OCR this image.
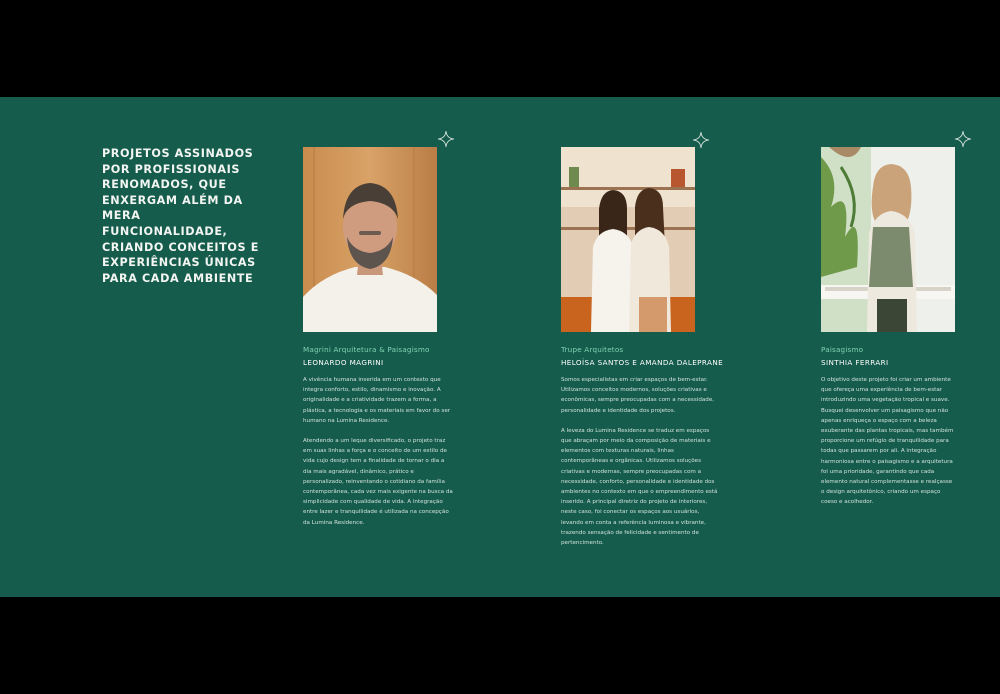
PROJETOS ASSINADOS POR PROFISSIONAIS RENOMADOS, QUE ENXERGAM ALÉM DA MERA FUNCIONALIDADE, CRIANDO CONCEITOS E EXPERIÊNCIAS ÚNICAS PARA CADA AMBIENTE
Magrini Arquitetura & Paisagismo
LEONARDO MAGRINI

A vivência humana inserida em um contexto que integra conforto, estilo, dinamismo e inovação. A originalidade e a criatividade trazem a forma, a plástica, a tecnologia e os materiais em favor do ser humano na Lumina Residence.

Atendendo a um leque diversificado, o projeto traz em suas linhas a força e o conceito de um estilo de vida cujo design tem a finalidade de tornar o dia a dia mais agradável, dinâmico, prático e personalizado, reinventando o cotidiano da família contemporânea, cada vez mais exigente na busca da simplicidade com qualidade de vida. A integração entre lazer e tranquilidade é utilizada na concepção da Lumina Residence.

Trupe Arquitetos
HELOÍSA SANTOS E AMANDA DALEPRANE

Somos especialistas em criar espaços de bem-estar. Utilizamos conceitos modernos, soluções criativas e econômicas, sempre preocupadas com a necessidade, personalidade e identidade dos projetos.

A leveza do Lumina Residence se traduz em espaços que abraçam por meio da composição de materiais e elementos com texturas naturais, linhas contemporâneas e orgânicas. Utilizamos soluções criativas e modernas, sempre preocupadas com a necessidade, conforto, personalidade e identidade dos ambientes no contexto em que o empreendimento está inserido. A principal diretriz do projeto de interiores, neste caso, foi conectar os espaços aos usuários, levando em conta a referência luminosa e vibrante, trazendo sensação de felicidade e sentimento de pertencimento.

Paisagismo
SINTHIA FERRARI

O objetivo deste projeto foi criar um ambiente que ofereça uma experiência de bem-estar introduzindo uma vegetação tropical e suave. Busquei desenvolver um paisagismo que não apenas enriqueça o espaço com a beleza exuberante das plantas tropicais, mas também proporcione um refúgio de tranquilidade para todas que passarem por ali. A integração harmoniosa entre o paisagismo e a arquitetura foi uma prioridade, garantindo que cada elemento natural complementasse e realçasse o design arquitetônico, criando um espaço coeso e acolhedor.
